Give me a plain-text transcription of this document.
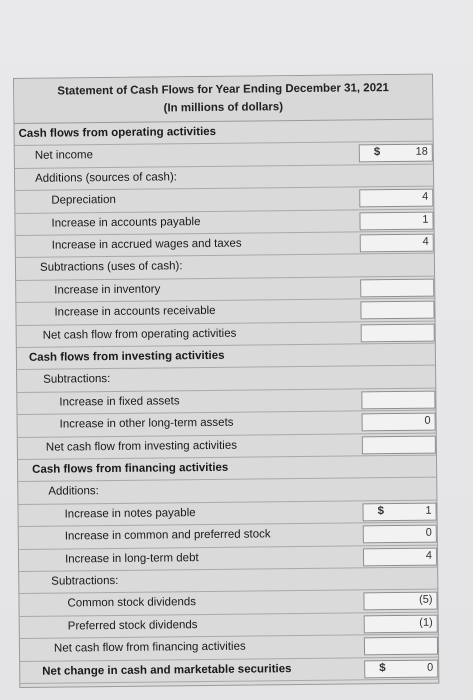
Statement of Cash Flows for Year Ending December 31, 2021
(In millions of dollars)
Cash flows from operating activities
Net income	$	18
Additions (sources of cash):
Depreciation	4
Increase in accounts payable	1
Increase in accrued wages and taxes	4
Subtractions (uses of cash):
Increase in inventory
Increase in accounts receivable
Net cash flow from operating activities
Cash flows from investing activities
Subtractions:
Increase in fixed assets
Increase in other long-term assets	0
Net cash flow from investing activities
Cash flows from financing activities
Additions:
Increase in notes payable	$	1
Increase in common and preferred stock	0
Increase in long-term debt	4
Subtractions:
Common stock dividends	(5)
Preferred stock dividends	(1)
Net cash flow from financing activities
Net change in cash and marketable securities	$	0
